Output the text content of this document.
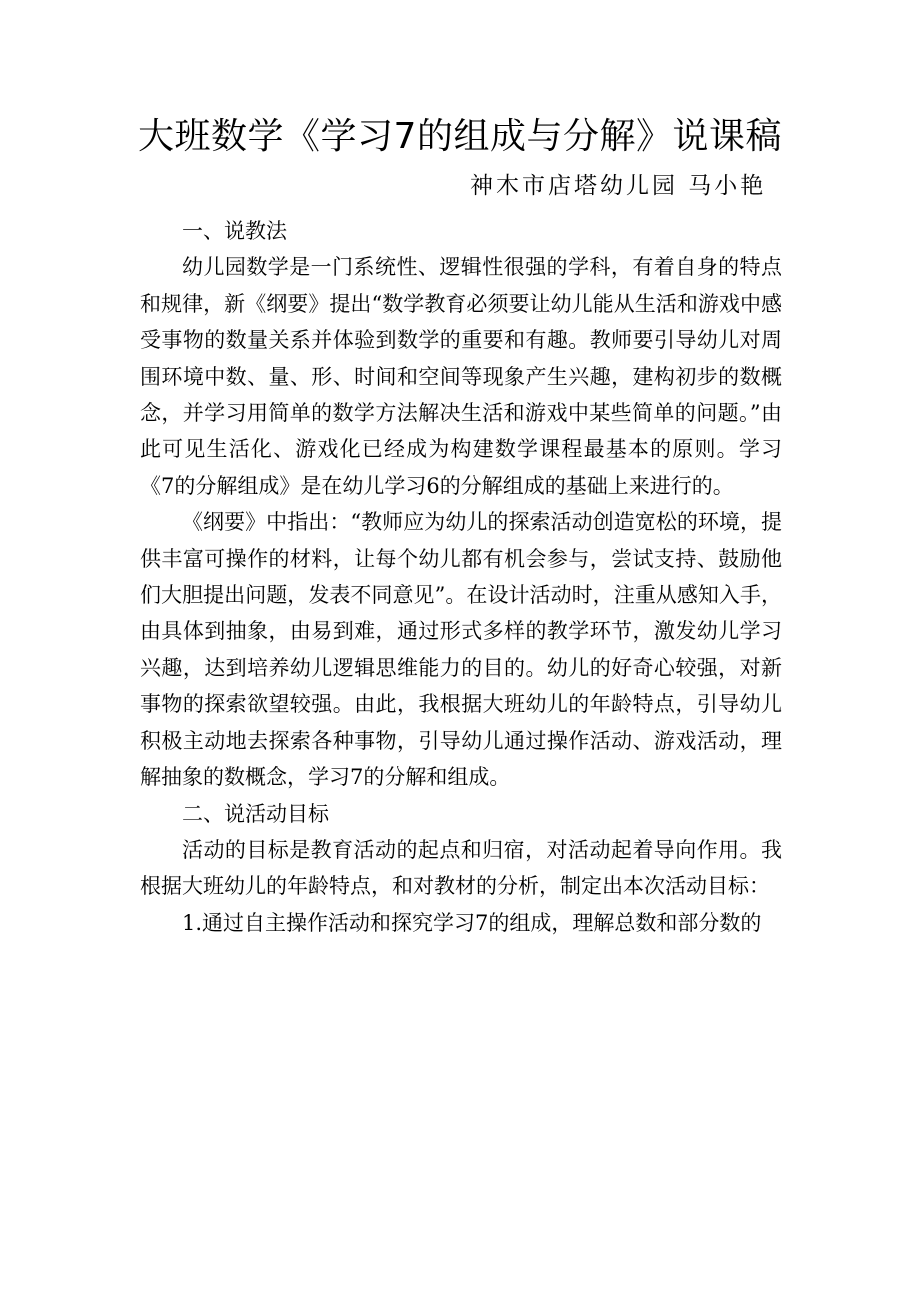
大班数学《学习7的组成与分解》说课稿
神木市店塔幼儿园 马小艳

一、说教法

幼儿园数学是一门系统性、逻辑性很强的学科，有着自身的特点和规律，新《纲要》提出“数学教育必须要让幼儿能从生活和游戏中感受事物的数量关系并体验到数学的重要和有趣。教师要引导幼儿对周围环境中数、量、形、时间和空间等现象产生兴趣，建构初步的数概念，并学习用简单的数学方法解决生活和游戏中某些简单的问题。”由此可见生活化、游戏化已经成为构建数学课程最基本的原则。学习《7的分解组成》是在幼儿学习6的分解组成的基础上来进行的。

《纲要》中指出：“教师应为幼儿的探索活动创造宽松的环境，提供丰富可操作的材料，让每个幼儿都有机会参与，尝试支持、鼓励他们大胆提出问题，发表不同意见”。在设计活动时，注重从感知入手，由具体到抽象，由易到难，通过形式多样的教学环节，激发幼儿学习兴趣，达到培养幼儿逻辑思维能力的目的。幼儿的好奇心较强，对新事物的探索欲望较强。由此，我根据大班幼儿的年龄特点，引导幼儿积极主动地去探索各种事物，引导幼儿通过操作活动、游戏活动，理解抽象的数概念，学习7的分解和组成。

二、说活动目标

活动的目标是教育活动的起点和归宿，对活动起着导向作用。我根据大班幼儿的年龄特点，和对教材的分析，制定出本次活动目标：

1.通过自主操作活动和探究学习7的组成，理解总数和部分数的
